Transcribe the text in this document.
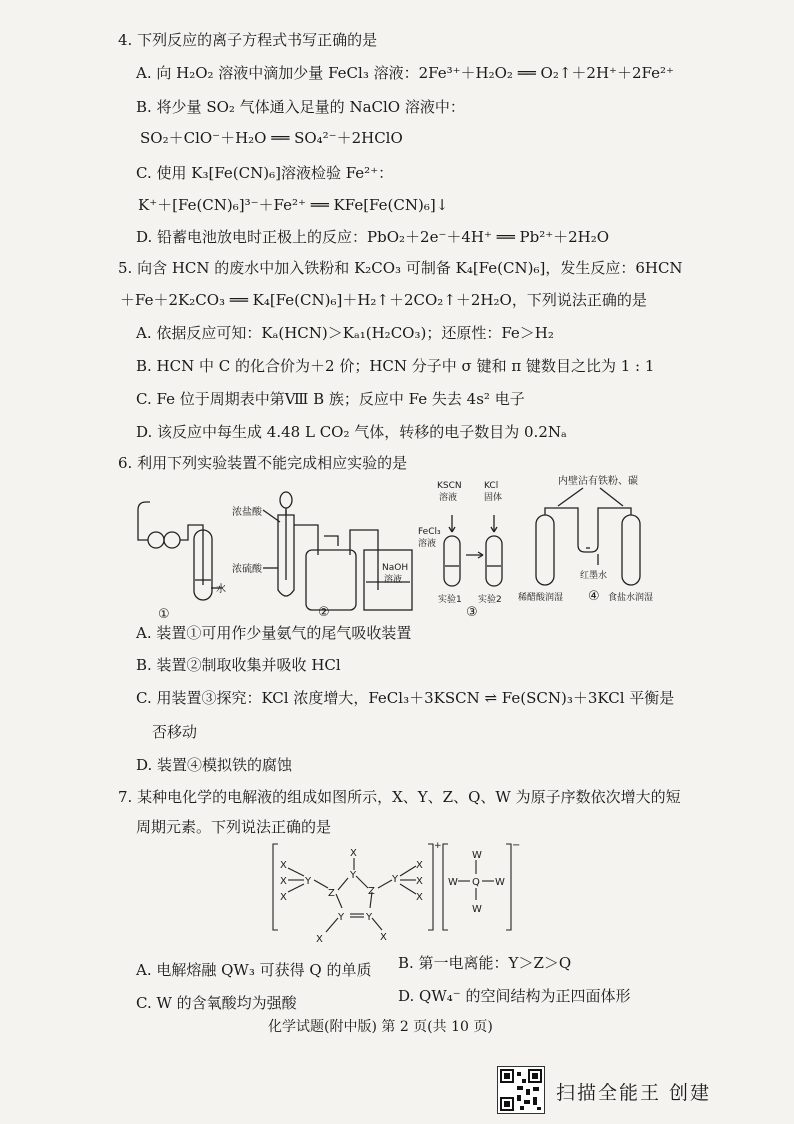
4. 下列反应的离子方程式书写正确的是
A. 向 H₂O₂ 溶液中滴加少量 FeCl₃ 溶液：2Fe³⁺＋H₂O₂ ══ O₂↑＋2H⁺＋2Fe²⁺
B. 将少量 SO₂ 气体通入足量的 NaClO 溶液中：
SO₂＋ClO⁻＋H₂O ══ SO₄²⁻＋2HClO
C. 使用 K₃[Fe(CN)₆]溶液检验 Fe²⁺：
K⁺＋[Fe(CN)₆]³⁻＋Fe²⁺ ══ KFe[Fe(CN)₆]↓
D. 铅蓄电池放电时正极上的反应：PbO₂＋2e⁻＋4H⁺ ══ Pb²⁺＋2H₂O
5. 向含 HCN 的废水中加入铁粉和 K₂CO₃ 可制备 K₄[Fe(CN)₆]，发生反应：6HCN
＋Fe＋2K₂CO₃ ══ K₄[Fe(CN)₆]＋H₂↑＋2CO₂↑＋2H₂O，下列说法正确的是
A. 依据反应可知：Kₐ(HCN)＞Kₐ₁(H₂CO₃)；还原性：Fe＞H₂
B. HCN 中 C 的化合价为＋2 价；HCN 分子中 σ 键和 π 键数目之比为 1 : 1
C. Fe 位于周期表中第Ⅷ B 族；反应中 Fe 失去 4s² 电子
D. 该反应中每生成 4.48 L CO₂ 气体，转移的电子数目为 0.2Nₐ
6. 利用下列实验装置不能完成相应实验的是
水
①
浓盐酸
浓硫酸	NaOH
溶液
②
KSCN
溶液
KCl
固体
FeCl₃
溶液
实验1 实验2
③
内壁沾有铁粉、碳
红墨水
稀醋酸润湿 ④ 食盐水润湿
A. 装置①可用作少量氨气的尾气吸收装置
B. 装置②制取收集并吸收 HCl
C. 用装置③探究：KCl 浓度增大，FeCl₃＋3KSCN ⇌ Fe(SCN)₃＋3KCl 平衡是
否移动
D. 装置④模拟铁的腐蚀
7. 某种电化学的电解液的组成如图所示，X、Y、Z、Q、W 为原子序数依次增大的短
周期元素。下列说法正确的是
X
X
X
Y
Z
X
Y
Z
Y Y
X	X
Y
X
X
X
+
W
W Q W
W
−
A. 电解熔融 QW₃ 可获得 Q 的单质 B. 第一电离能：Y＞Z＞Q
C. W 的含氧酸均为强酸	D. QW₄⁻ 的空间结构为正四面体形
化学试题(附中版) 第 2 页(共 10 页)
扫描全能王 创建
